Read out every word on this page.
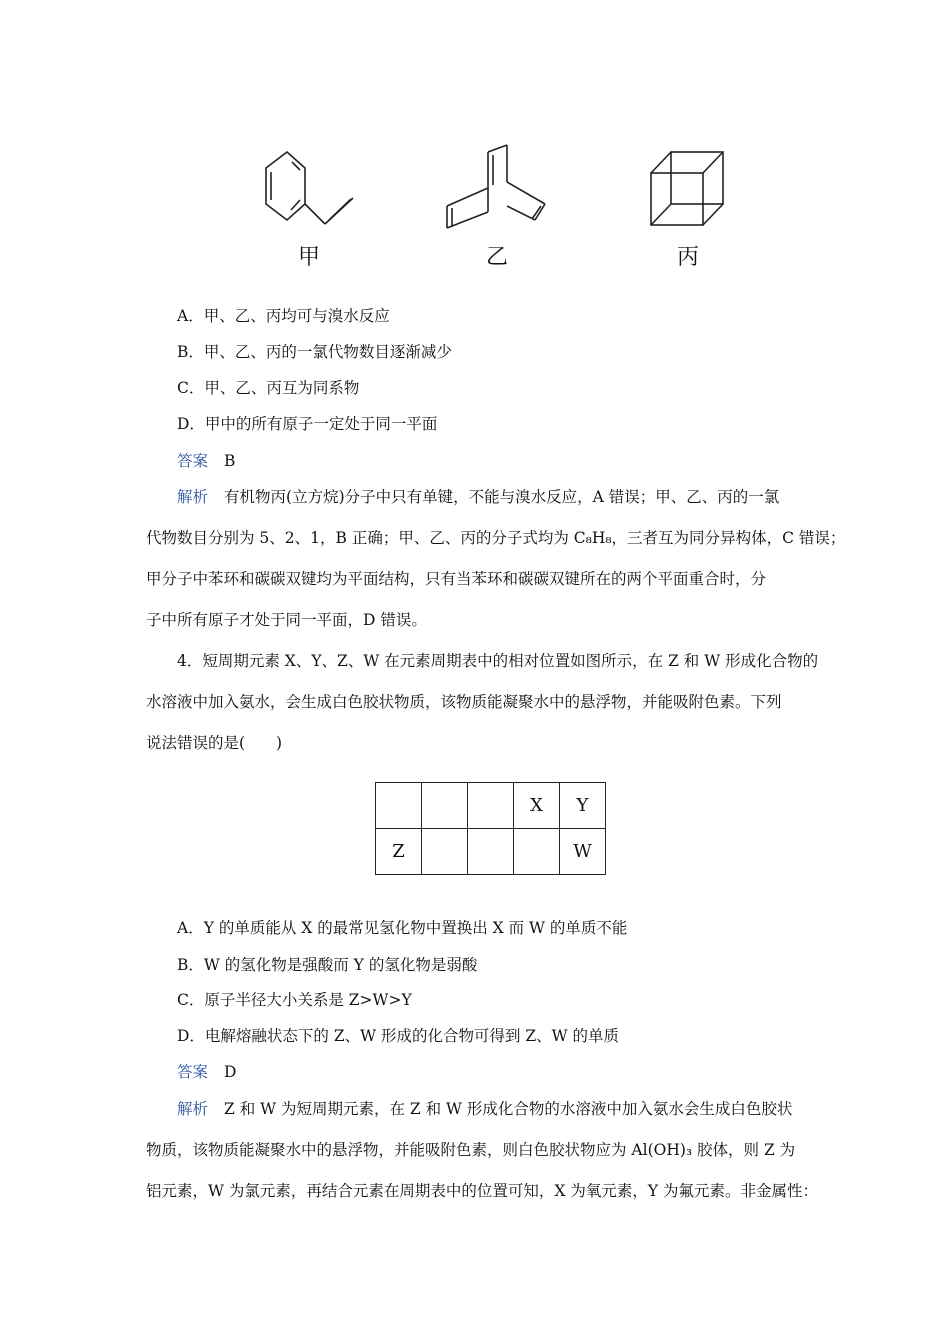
甲	乙	丙
A．甲、乙、丙均可与溴水反应
B．甲、乙、丙的一氯代物数目逐渐减少
C．甲、乙、丙互为同系物
D．甲中的所有原子一定处于同一平面
答案 B
解析 有机物丙(立方烷)分子中只有单键，不能与溴水反应，A 错误；甲、乙、丙的一氯
代物数目分别为 5、2、1，B 正确；甲、乙、丙的分子式均为 C₈H₈，三者互为同分异构体，C 错误；
甲分子中苯环和碳碳双键均为平面结构，只有当苯环和碳碳双键所在的两个平面重合时，分
子中所有原子才处于同一平面，D 错误。
4．短周期元素 X、Y、Z、W 在元素周期表中的相对位置如图所示，在 Z 和 W 形成化合物的
水溶液中加入氨水，会生成白色胶状物质，该物质能凝聚水中的悬浮物，并能吸附色素。下列
说法错误的是(　　)
			X	Y
Z				W
A．Y 的单质能从 X 的最常见氢化物中置换出 X 而 W 的单质不能
B．W 的氢化物是强酸而 Y 的氢化物是弱酸
C．原子半径大小关系是 Z>W>Y
D．电解熔融状态下的 Z、W 形成的化合物可得到 Z、W 的单质
答案 D
解析 Z 和 W 为短周期元素，在 Z 和 W 形成化合物的水溶液中加入氨水会生成白色胶状
物质，该物质能凝聚水中的悬浮物，并能吸附色素，则白色胶状物应为 Al(OH)₃ 胶体，则 Z 为
铝元素，W 为氯元素，再结合元素在周期表中的位置可知，X 为氧元素，Y 为氟元素。非金属性：
